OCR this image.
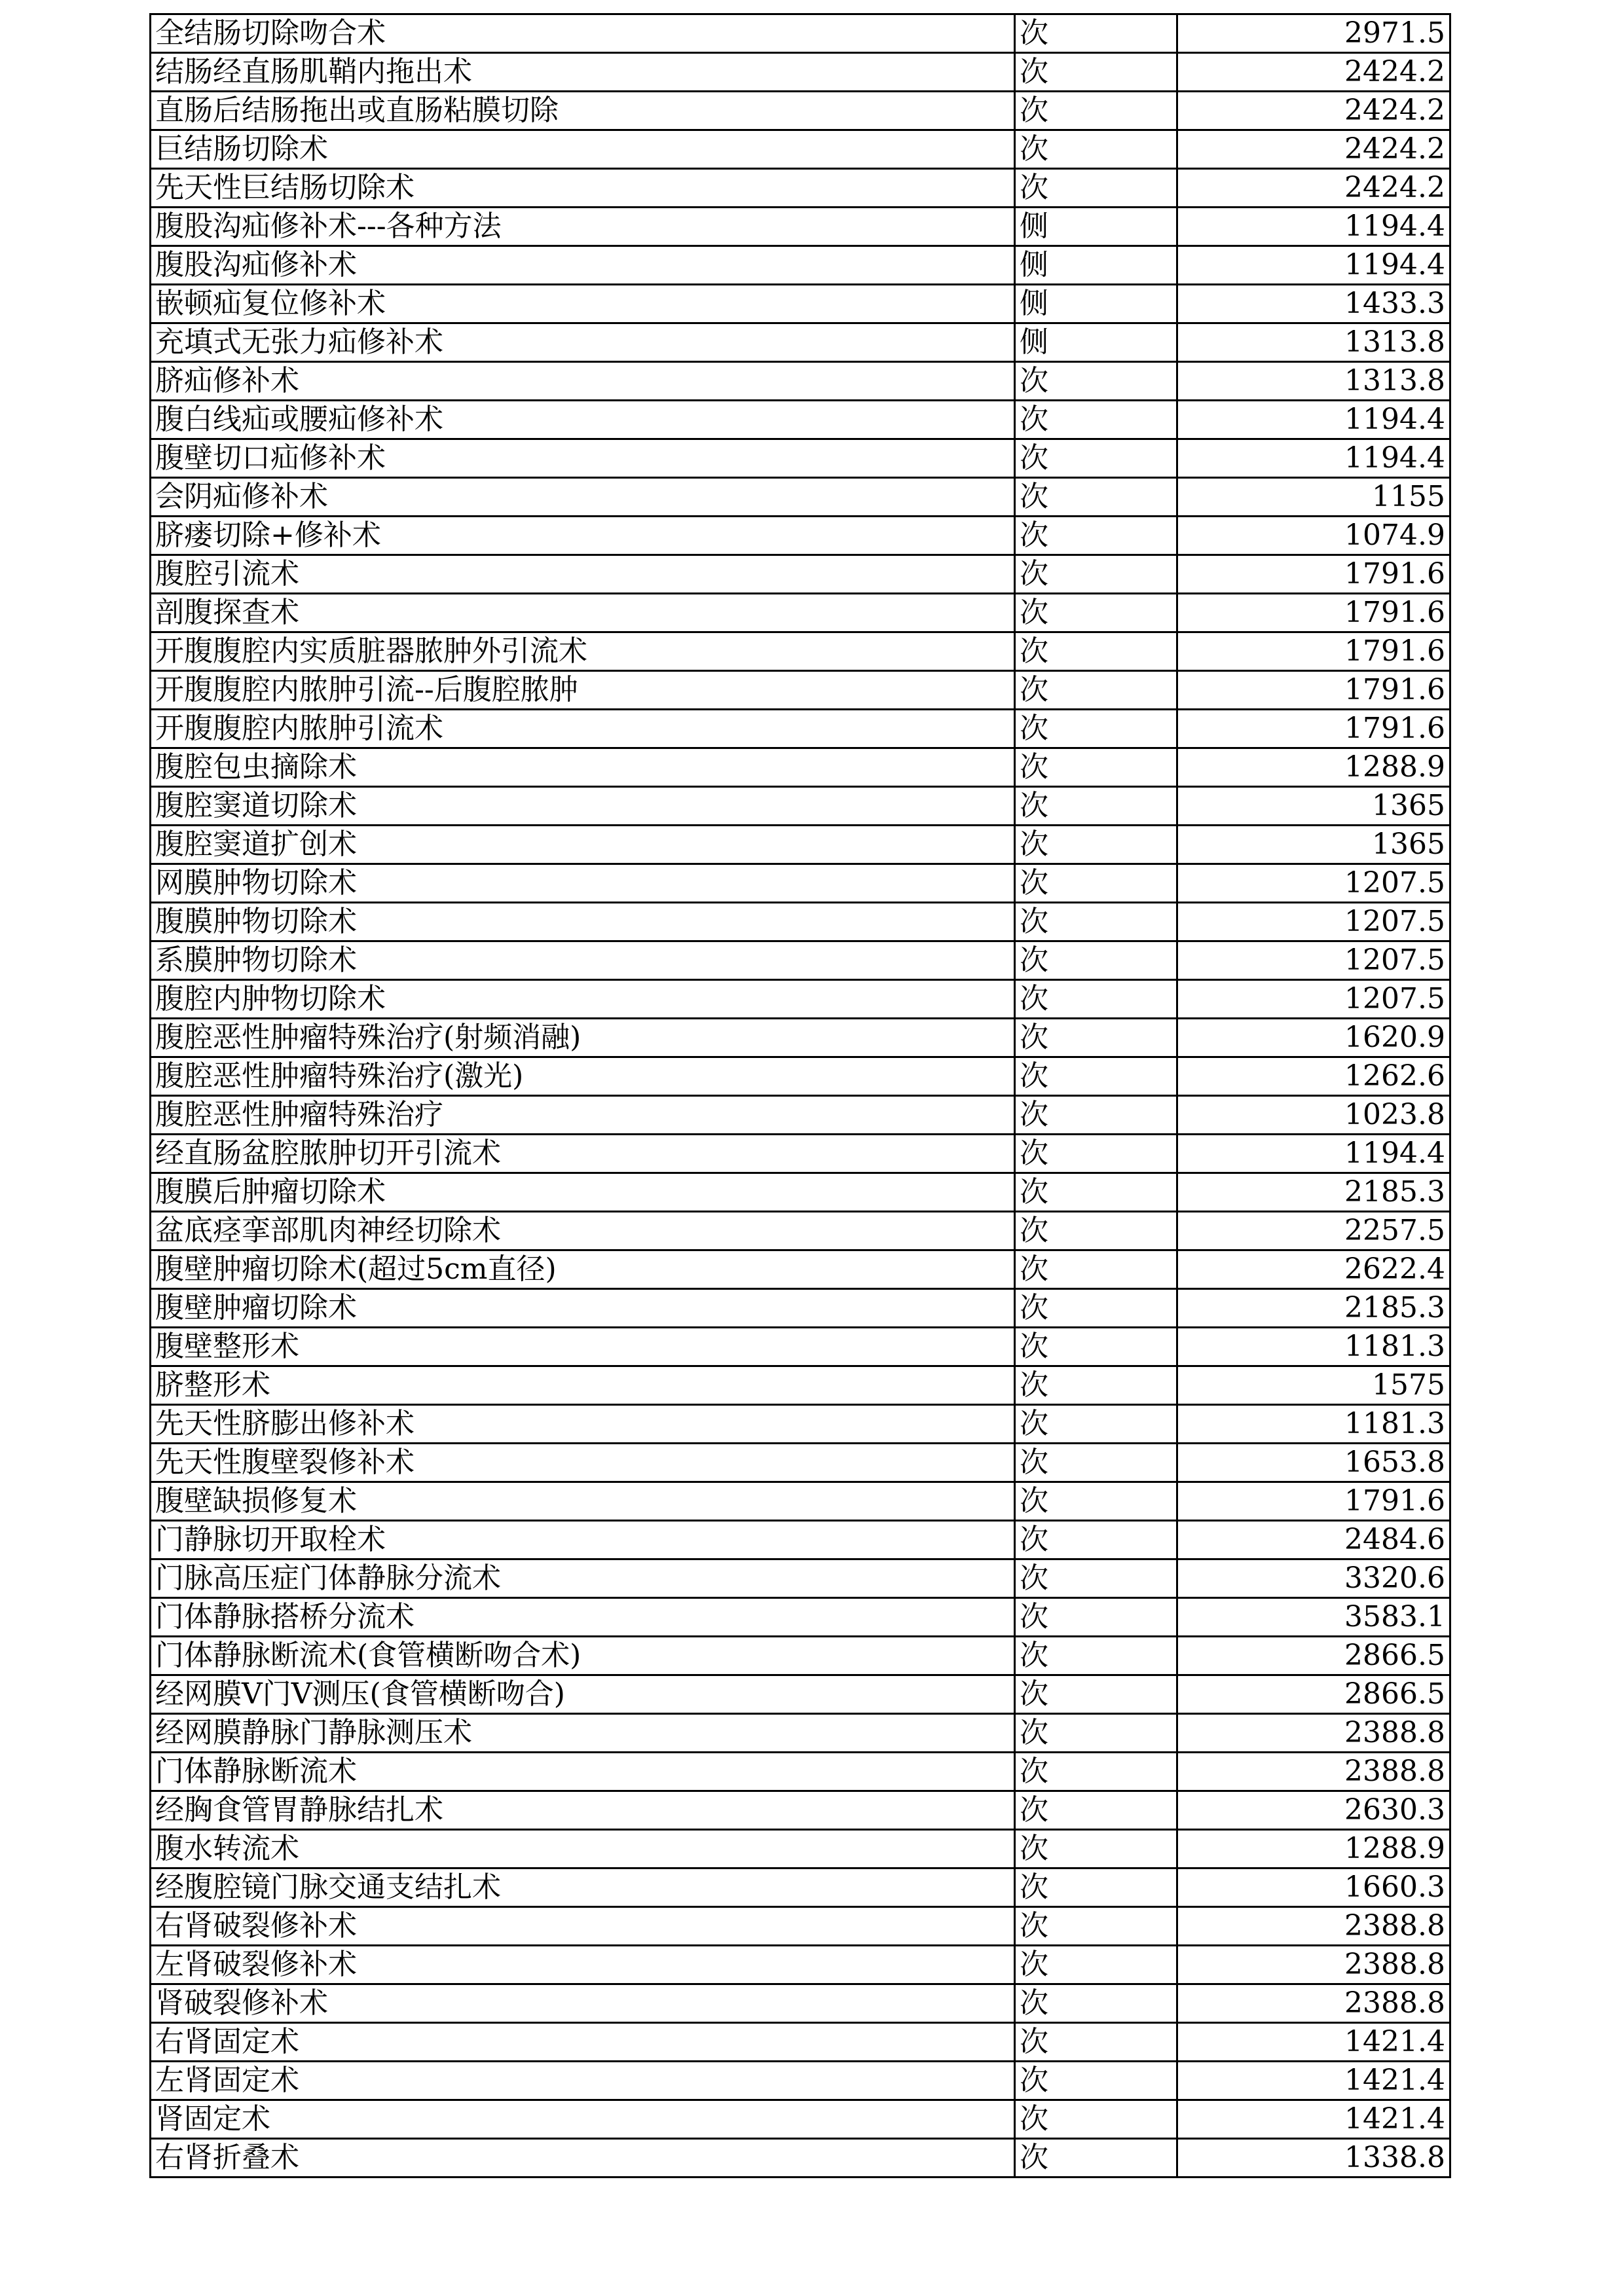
全结肠切除吻合术	次	2971.5
结肠经直肠肌鞘内拖出术	次	2424.2
直肠后结肠拖出或直肠粘膜切除	次	2424.2
巨结肠切除术	次	2424.2
先天性巨结肠切除术	次	2424.2
腹股沟疝修补术---各种方法	侧	1194.4
腹股沟疝修补术	侧	1194.4
嵌顿疝复位修补术	侧	1433.3
充填式无张力疝修补术	侧	1313.8
脐疝修补术	次	1313.8
腹白线疝或腰疝修补术	次	1194.4
腹壁切口疝修补术	次	1194.4
会阴疝修补术	次	1155
脐瘘切除+修补术	次	1074.9
腹腔引流术	次	1791.6
剖腹探查术	次	1791.6
开腹腹腔内实质脏器脓肿外引流术	次	1791.6
开腹腹腔内脓肿引流--后腹腔脓肿	次	1791.6
开腹腹腔内脓肿引流术	次	1791.6
腹腔包虫摘除术	次	1288.9
腹腔窦道切除术	次	1365
腹腔窦道扩创术	次	1365
网膜肿物切除术	次	1207.5
腹膜肿物切除术	次	1207.5
系膜肿物切除术	次	1207.5
腹腔内肿物切除术	次	1207.5
腹腔恶性肿瘤特殊治疗(射频消融)	次	1620.9
腹腔恶性肿瘤特殊治疗(激光)	次	1262.6
腹腔恶性肿瘤特殊治疗	次	1023.8
经直肠盆腔脓肿切开引流术	次	1194.4
腹膜后肿瘤切除术	次	2185.3
盆底痉挛部肌肉神经切除术	次	2257.5
腹壁肿瘤切除术(超过5cm直径)	次	2622.4
腹壁肿瘤切除术	次	2185.3
腹壁整形术	次	1181.3
脐整形术	次	1575
先天性脐膨出修补术	次	1181.3
先天性腹壁裂修补术	次	1653.8
腹壁缺损修复术	次	1791.6
门静脉切开取栓术	次	2484.6
门脉高压症门体静脉分流术	次	3320.6
门体静脉搭桥分流术	次	3583.1
门体静脉断流术(食管横断吻合术)	次	2866.5
经网膜V门V测压(食管横断吻合)	次	2866.5
经网膜静脉门静脉测压术	次	2388.8
门体静脉断流术	次	2388.8
经胸食管胃静脉结扎术	次	2630.3
腹水转流术	次	1288.9
经腹腔镜门脉交通支结扎术	次	1660.3
右肾破裂修补术	次	2388.8
左肾破裂修补术	次	2388.8
肾破裂修补术	次	2388.8
右肾固定术	次	1421.4
左肾固定术	次	1421.4
肾固定术	次	1421.4
右肾折叠术	次	1338.8
